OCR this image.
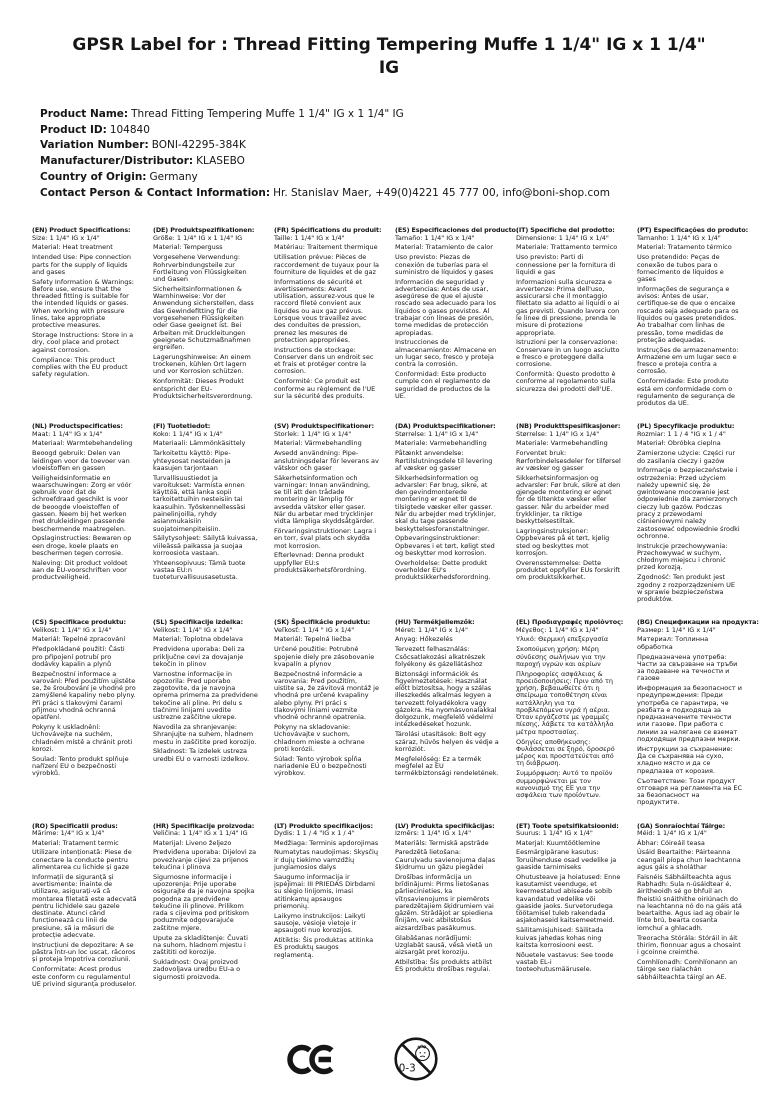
GPSR Label for : Thread Fitting Tempering Muffe 1 1/4" IG x 1 1/4" IG
Product Name: Thread Fitting Tempering Muffe 1 1/4" IG x 1 1/4" IG
Product ID: 104840
Variation Number: BONI-42295-384K
Manufacturer/Distributor: KLASEBO
Country of Origin: Germany
Contact Person & Contact Information: Hr. Stanislav Maer, +49(0)4221 45 777 00, info@boni-shop.com
(EN) Product Specifications:

Size: 1 1/4" IG x 1/4"

Material: Heat treatment

Intended Use: Pipe connection parts for the supply of liquids and gases

Safety Information & Warnings: Before use, ensure that the threaded fitting is suitable for the intended liquids or gases. When working with pressure lines, take appropriate protective measures.

Storage Instructions: Store in a dry, cool place and protect against corrosion.

Compliance: This product complies with the EU product safety regulation.

(DE) Produktspezifikationen:

Größe: 1 1/4" IG x 1 1/4" IG

Material: Temperguss

Vorgesehene Verwendung: Rohrverbindungsteile zur Fortleitung von Flüssigkeiten und Gasen

Sicherheitsinformationen & Warnhinweise: Vor der Anwendung sicherstellen, dass das Gewindefitting für die vorgesehenen Flüssigkeiten oder Gase geeignet ist. Bei Arbeiten mit Druckleitungen geeignete Schutzmaßnahmen ergreifen.

Lagerungshinweise: An einem trockenen, kühlen Ort lagern und vor Korrosion schützen.

Konformität: Dieses Produkt entspricht der EU-Produktsicherheitsverordnung.

(FR) Spécifications du produit:

Taille: 1 1/4" IG x 1/4"

Matériau: Traitement thermique

Utilisation prévue: Pièces de raccordement de tuyaux pour la fourniture de liquides et de gaz

Informations de sécurité et avertissements: Avant utilisation, assurez-vous que le raccord fileté convient aux liquides ou aux gaz prévus. Lorsque vous travaillez avec des conduites de pression, prenez les mesures de protection appropriées.

Instructions de stockage: Conserver dans un endroit sec et frais et protéger contre la corrosion.

Conformité: Ce produit est conforme au règlement de l'UE sur la sécurité des produits.

(ES) Especificaciones del producto:

Tamaño: 1 1/4" IG x 1/4"

Material: Tratamiento de calor

Uso previsto: Piezas de conexión de tuberías para el suministro de líquidos y gases

Información de seguridad y advertencias: Antes de usar, asegúrese de que el ajuste roscado sea adecuado para los líquidos o gases previstos. Al trabajar con líneas de presión, tome medidas de protección apropiadas.

Instrucciones de almacenamiento: Almacene en un lugar seco, fresco y proteja contra la corrosión.

Conformidad: Este producto cumple con el reglamento de seguridad de productos de la UE.

(IT) Specifiche del prodotto:

Dimensione: 1 1/4" IG x 1/4"

Materiale: Trattamento termico

Uso previsto: Parti di connessione per la fornitura di liquidi e gas

Informazioni sulla sicurezza e avvertenze: Prima dell'uso, assicurarsi che il montaggio filettato sia adatto ai liquidi o ai gas previsti. Quando lavora con le linee di pressione, prenda le misure di protezione appropriate.

Istruzioni per la conservazione: Conservare in un luogo asciutto e fresco e proteggere dalla corrosione.

Conformità: Questo prodotto è conforme al regolamento sulla sicurezza dei prodotti dell'UE.

(PT) Especificações do produto:

Tamanho: 1 1/4" IG x 1/4"

Material: Tratamento térmico

Uso pretendido: Peças de conexão de tubos para o fornecimento de líquidos e gases

Informações de segurança e avisos: Antes de usar, certifique-se de que o encaixe roscado seja adequado para os líquidos ou gases pretendidos. Ao trabalhar com linhas de pressão, tome medidas de proteção adequadas.

Instruções de armazenamento: Armazene em um lugar seco e fresco e proteja contra a corrosão.

Conformidade: Este produto está em conformidade com o regulamento de segurança de produtos da UE.

(NL) Productspecificaties:

Maat: 1 1/4" IG x 1/4"

Materiaal: Warmtebehandeling

Beoogd gebruik: Delen van leidingen voor de toevoer van vloeistoffen en gassen

Veiligheidsinformatie en waarschuwingen: Zorg er vóór gebruik voor dat de schroefdraad geschikt is voor de beoogde vloeistoffen of gassen. Neem bij het werken met drukleidingen passende beschermende maatregelen.

Opslaginstructies: Bewaren op een droge, koele plaats en beschermen tegen corrosie.

Naleving: Dit product voldoet aan de EU-voorschriften voor productveiligheid.

(FI) Tuotetiedot:

Koko: 1 1/4" IG x 1/4"

Materiaali: Lämmönkäsittely

Tarkoitettu käyttö: Pipe-yhteysosat nesteiden ja kaasujen tarjontaan

Turvallisuustiedot ja varoitukset: Varmista ennen käyttöä, että lanka sopii tarkoitettuihin nesteisiin tai kaasuihin. Työskennellessäsi painelinjoilla, ryhdy asianmukaisiin suojatoimenpiteisiin.

Säilytysohjeet: Säilytä kuivassa, viileässä paikassa ja suojaa korroosiota vastaan.

Yhteensopivuus: Tämä tuote vastaa EU:n tuoteturvallisuusasetusta.

(SV) Produktspecifikationer:

Storlek: 1 1/4" IG x 1/4"

Material: Värmebehandling

Avsedd användning: Pipe-anslutningsdelar för leverans av vätskor och gaser

Säkerhetsinformation och varningar: Innan användning, se till att den trådade montering är lämplig för avsedda vätskor eller gaser. När du arbetar med trycklinjer vidta lämpliga skyddsåtgärder.

Förvaringsinstruktioner: Lagra i en torr, sval plats och skydda mot korrosion.

Efterlevnad: Denna produkt uppfyller EU:s produktsäkerhetsförordning.

(DA) Produktspecifikationer:

Størrelse: 1 1/4" IG x 1/4"

Materiale: Varmebehandling

Påtænkt anvendelse: Rørtilslutningsdele til levering af væsker og gasser

Sikkerhedsinformation og advarsler: Før brug, sikre, at den gevindmonterede montering er egnet til de tilsigtede væsker eller gasser. Når du arbejder med tryklinjer, skal du tage passende beskyttelsesforanstaltninger.

Opbevaringsinstruktioner: Opbevares i et tørt, køligt sted og beskytter mod korrosion.

Overholdelse: Dette produkt overholder EU's produktsikkerhedsforordning.

(NB) Produkttspesifikasjoner:

Størrelse: 1 1/4" IG x 1/4"

Materiale: Varmebehandling

Forventet bruk: Rørforbindelsesdeler for tilførsel av væsker og gasser

Sikkerhetsinformasjon og advarsler: Før bruk, sikre at den gjengede montering er egnet for de tiltenkte væsker eller gasser. Når du arbeider med trykklinjer, ta riktige beskyttelsestiltak.

Lagringsinstruksjoner: Oppbevares på et tørt, kjølig sted og beskyttes mot korrosjon.

Overensstemmelse: Dette produktet oppfyller EUs forskrift om produktsikkerhet.

(PL) Specyfikacje produktu:

Rozmiar: 1 1 / 4 "IG x 1 / 4"

Materiał: Obróbka cieplna

Zamierzone użycie: Części rur do zasilania cieczy i gazów

Informacje o bezpieczeństwie i ostrzeżenia: Przed użyciem należy upewnić się, że gwintowane mocowanie jest odpowiednie dla zamierzonych cieczy lub gazów. Podczas pracy z przewodami ciśnieniowymi należy zastosować odpowiednie środki ochronne.

Instrukcje przechowywania: Przechowywać w suchym, chłodnym miejscu i chronić przed korozją.

Zgodność: Ten produkt jest zgodny z rozporządzeniem UE w sprawie bezpieczeństwa produktów.

(CS) Specifikace produktu:

Velikost: 1 1/4" IG x 1/4"

Materiál: Tepelné zpracování

Předpokládané použití: Části pro připojení potrubí pro dodávky kapalin a plynů

Bezpečnostní informace a varování: Před použitím ujistěte se, že šroubování je vhodné pro zamýšlené kapaliny nebo plyny. Při práci s tlakovými čarami přijmou vhodná ochranná opatření.

Pokyny k uskladnění: Uchovávejte na suchém, chladném místě a chránit proti korozi.

Soulad: Tento produkt splňuje nařízení EU o bezpečnosti výrobků.

(SL) Specifikacije izdelka:

Velikost: 1 1/4" IG x 1/4"

Material: Toplotna obdelava

Predvidena uporaba: Deli za priključne cevi za dovajanje tekočin in plinov

Varnostne informacije in opozorila: Pred uporabo zagotovite, da je navojna oprema primerna za predvidene tekočine ali pline. Pri delu s tlačnimi linijami uvedite ustrezne zaščitne ukrepe.

Navodila za shranjevanje: Shranjujte na suhem, hladnem mestu in zaščitite pred korozijo.

Skladnost: Ta izdelek ustreza uredbi EU o varnosti izdelkov.

(SK) Špecifikácie produktu:

Veľkosť: 1 1/4 " IG x 1/4"

Materiál: Tepelná liečba

Určené použitie: Potrubné spojenie diely pre zásobovanie kvapalín a plynov

Bezpečnostné informácie a varovania: Pred použitím, uistite sa, že závitová montáž je vhodná pre určené kvapaliny alebo plyny. Pri práci s tlakovými líniami vezmite vhodné ochranné opatrenia.

Pokyny na skladovanie: Uchovávajte v suchom, chladnom mieste a ochrane proti korózii.

Súlad: Tento výrobok spĺňa nariadenie EÚ o bezpečnosti výrobkov.

(HU) Termékjellemzők:

Méret: 1 1/4" IG x 1/4"

Anyag: Hőkezelés

Tervezett felhasználás: Csőcsatlakozási alkatrészek folyékony és gázellátáshoz

Biztonsági információk és figyelmeztetések: Használat előtt biztosítsa, hogy a szálas illeszkedés alkalmas legyen a tervezett folyadékokra vagy gázokra. Ha nyomásvonalakkal dolgozunk, megfelelő védelmi intézkedéseket hozunk.

Tárolási utasítások: Bolt egy száraz, hűvös helyen és védje a korróziót.

Megfelelőség: Ez a termék megfelel az EU termékbiztonsági rendeletének.

(EL) Προδιαγραφές προϊόντος:

Μέγεθος: 1 1/4" IG x 1/4"

Υλικό: Θερμική επεξεργασία

Σκοπούμενη χρήση: Μέρη σύνδεσης σωλήνων για την παροχή υγρών και αερίων

Πληροφορίες ασφάλειας & προειδοποιήσεις: Πριν από τη χρήση, βεβαιωθείτε ότι η σπείρωμα τοποθέτηση είναι κατάλληλη για τα προβλεπόμενα υγρά ή αέρια. Όταν εργάζεστε με γραμμές πίεσης, λάβετε τα κατάλληλα μέτρα προστασίας.

Οδηγίες αποθήκευσης: Φυλάσσεται σε ξηρό, δροσερό μέρος και προστατεύεται από τη διάβρωση.

Συμμόρφωση: Αυτό το προϊόν συμμορφώνεται με τον κανονισμό της ΕΕ για την ασφάλεια των προϊόντων.

(BG) Спецификации на продукта:

Размер: 1 1/4" IG x 1/4"

Материал: Топлинна обработка

Предназначена употреба: Части за свързване на тръби за подаване на течности и газове

Информация за безопасност и предупреждения: Преди употреба се гарантира, че резбата е подходяща за предназначените течности или газове. При работа с линии за налягане се вземат подходящи предпазни мерки.

Инструкции за съхранение: Да се съхранява на сухо, хладно място и да се предпазва от корозия.

Съответствие: Този продукт отговаря на регламента на ЕС за безопасност на продуктите.

(RO) Specificatii produs:

Mărime: 1/4" IG x 1/4"

Material: Tratament termic

Utilizare intenționată: Piese de conectare la conducte pentru alimentarea cu lichide și gaze

Informații de siguranță și avertismente: Înainte de utilizare, asigurați-vă că montarea filetată este adecvată pentru lichidele sau gazele destinate. Atunci când funcționează cu linii de presiune, să ia măsuri de protecție adecvate.

Instrucțiuni de depozitare: A se păstra într-un loc uscat, răcoros și proteja împotriva coroziunii.

Conformitate: Acest produs este conform cu regulamentul UE privind siguranța produselor.

(HR) Specifikacije proizvoda:

Veličina: 1 1/4" IG x 1 1/4" IG

Materijal: Liveno željezo

Predviđena uporaba: Dijelovi za povezivanje cijevi za prijenos tekućina i plinova

Sigurnosne informacije i upozorenja: Prije uporabe osigurajte da je navojna spojka pogodna za predviđene tekućine ili plinove. Prilikom rada s cijevima pod pritiskom poduzmite odgovarajuće zaštitne mjere.

Upute za skladištenje: Čuvati na suhom, hladnom mjestu i zaštititi od korozije.

Sukladnost: Ovaj proizvod zadovoljava uredbu EU-a o sigurnosti proizvoda.

(LT) Produkto specifikacijos:

Dydis: 1 1 / 4 "IG x 1 / 4"

Medžiaga: Terminis apdorojimas

Numatytas naudojimas: Skysčių ir dujų tiekimo vamzdžių jungiamosios dalys

Saugumo informacija ir įspėjimai: III PRIEDAS Dirbdami su slėgio linijomis, imasi atitinkamų apsaugos priemonių.

Laikymo instrukcijos: Laikyti sausoje, vėsioje vietoje ir apsaugoti nuo korozijos.

Atitiktis: Šis produktas atitinka ES produktų saugos reglamentą.

(LV) Produkta specifikācijas:

Izmērs: 1 1/4" IG x 1/4"

Materiāls: Termiskā apstrāde

Paredzētā lietošana: Cauruļvadu savienojuma daļas šķidrumu un gāzu piegādei

Drošības informācija un brīdinājumi: Pirms lietošanas pārliecinieties, ka vītņsavienojums ir piemērots paredzētajiem šķidrumiem vai gāzēm. Strādājot ar spiediena līnijām, veic atbilstošus aizsardzības pasākumus.

Glabāšanas norādījumi: Uzglabāt sausā, vēsā vietā un aizsargāt pret koroziju.

Atbilstība: Šis produkts atbilst ES produktu drošības regulai.

(ET) Toote spetsifikatsioonid:

Suurus: 1 1/4" IG x 1/4"

Materjal: Kuumtöötlemine

Eesmärgipärane kasutus: Toruühenduse osad vedelike ja gaaside tarnimiseks

Ohutusteave ja hoiatused: Enne kasutamist veenduge, et keermestatud abiseade sobib kavandatud vedelike või gaaside jaoks. Survetorudega töötamisel tuleb rakendada asjakohaseid kaitsemeetmeid.

Säilitamisjuhised: Säilitada kuivas jahedas kohas ning kaitsta korrosiooni eest.

Nõuetele vastavus: See toode vastab EL-i tooteohutusmäärusele.

(GA) Sonraíochtaí Táirge:

Méid: 1 1/4" IG x 1/4"

Ábhar: Cóireáil teasa

Úsáid Beartaithe: Páirteanna ceangail píopa chun leachtanna agus gáis a sholáthar

Faisnéis Sábháilteachta agus Rabhadh: Sula n-úsáidtear é, áirítheoidh sé go bhfuil an fheistiú snáithithe oiriúnach do na leachtanna nó do na gáis atá beartaithe. Agus iad ag obair le línte brú, bearta cosanta iomchuí a ghlacadh.

Treoracha Stórála: Stóráil in áit thirim, fionnuar agus a chosaint i gcoinne creimthe.

Comhlíonadh: Comhlíonann an táirge seo rialachán sábháilteachta táirgí an AE.

0-3
